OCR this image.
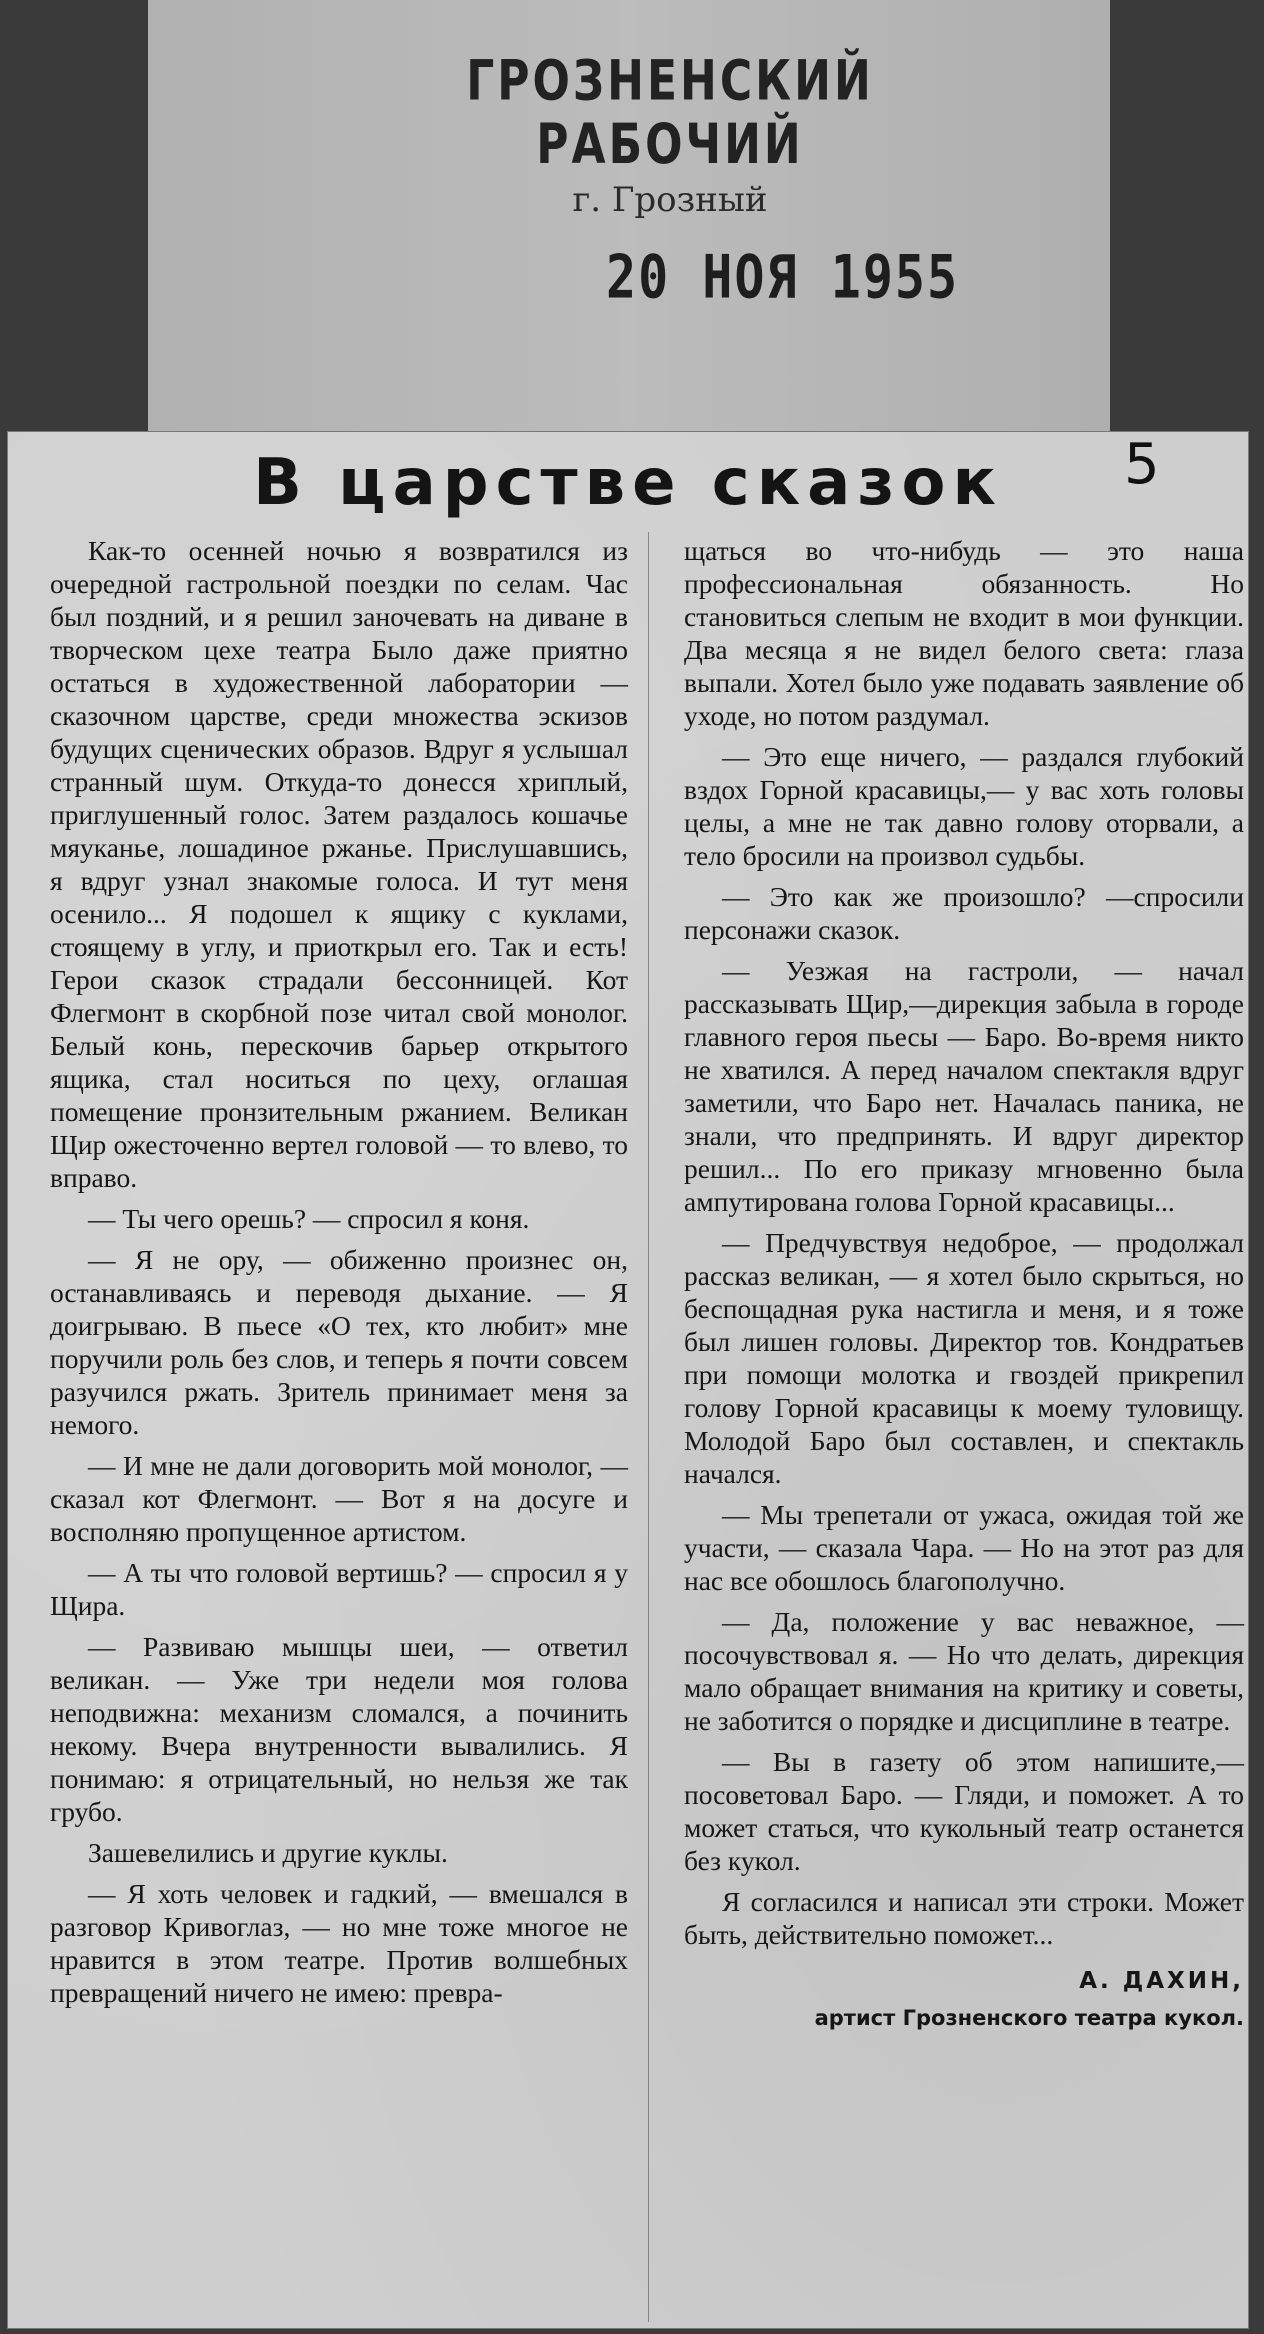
ГРОЗНЕНСКИЙ РАБОЧИЙ
г. Грозный
20 НОЯ 1955
5
В царстве сказок

Как-то осенней ночью я возвратился из очередной гастрольной поездки по селам. Час был поздний, и я решил заночевать на диване в творческом цехе театра Было даже приятно остаться в художественной лаборатории — сказочном царстве, среди множества эскизов будущих сценических образов. Вдруг я услышал странный шум. Откуда-то донесся хриплый, приглушенный голос. Затем раздалось кошачье мяуканье, лошадиное ржанье. Прислушавшись, я вдруг узнал знакомые голоса. И тут меня осенило... Я подошел к ящику с куклами, стоящему в углу, и приоткрыл его. Так и есть! Герои сказок страдали бессонницей. Кот Флегмонт в скорбной позе читал свой монолог. Белый конь, перескочив барьер открытого ящика, стал носиться по цеху, оглашая помещение пронзительным ржанием. Великан Щир ожесточенно вертел головой — то влево, то вправо.

— Ты чего орешь? — спросил я коня.

— Я не ору, — обиженно произнес он, останавливаясь и переводя дыхание. — Я доигрываю. В пьесе «О тех, кто любит» мне поручили роль без слов, и теперь я почти совсем разучился ржать. Зритель принимает меня за немого.

— И мне не дали договорить мой монолог, — сказал кот Флегмонт. — Вот я на досуге и восполняю пропущенное артистом.

— А ты что головой вертишь? — спросил я у Щира.

— Развиваю мышцы шеи, — ответил великан. — Уже три недели моя голова неподвижна: механизм сломался, а починить некому. Вчера внутренности вывалились. Я понимаю: я отрицательный, но нельзя же так грубо.

Зашевелились и другие куклы.

— Я хоть человек и гадкий, — вмешался в разговор Кривоглаз, — но мне тоже многое не нравится в этом театре. Против волшебных превращений ничего не имею: превра-

щаться во что-нибудь — это наша профессиональная обязанность. Но становиться слепым не входит в мои функции. Два месяца я не видел белого света: глаза выпали. Хотел было уже подавать заявление об уходе, но потом раздумал.

— Это еще ничего, — раздался глубокий вздох Горной красавицы,— у вас хоть головы целы, а мне не так давно голову оторвали, а тело бросили на произвол судьбы.

— Это как же произошло? —спросили персонажи сказок.

— Уезжая на гастроли, — начал рассказывать Щир,—дирекция забыла в городе главного героя пьесы — Баро. Во-время никто не хватился. А перед началом спектакля вдруг заметили, что Баро нет. Началась паника, не знали, что предпринять. И вдруг директор решил... По его приказу мгновенно была ампутирована голова Горной красавицы...

— Предчувствуя недоброе, — продолжал рассказ великан, — я хотел было скрыться, но беспощадная рука настигла и меня, и я тоже был лишен головы. Директор тов. Кондратьев при помощи молотка и гвоздей прикрепил голову Горной красавицы к моему туловищу. Молодой Баро был составлен, и спектакль начался.

— Мы трепетали от ужаса, ожидая той же участи, — сказала Чара. — Но на этот раз для нас все обошлось благополучно.

— Да, положение у вас неважное, — посочувствовал я. — Но что делать, дирекция мало обращает внимания на критику и советы, не заботится о порядке и дисциплине в театре.

— Вы в газету об этом напишите,— посоветовал Баро. — Гляди, и поможет. А то может статься, что кукольный театр останется без кукол.

Я согласился и написал эти строки. Может быть, действительно поможет...

А. ДАХИН,
артист Грозненского театра кукол.
